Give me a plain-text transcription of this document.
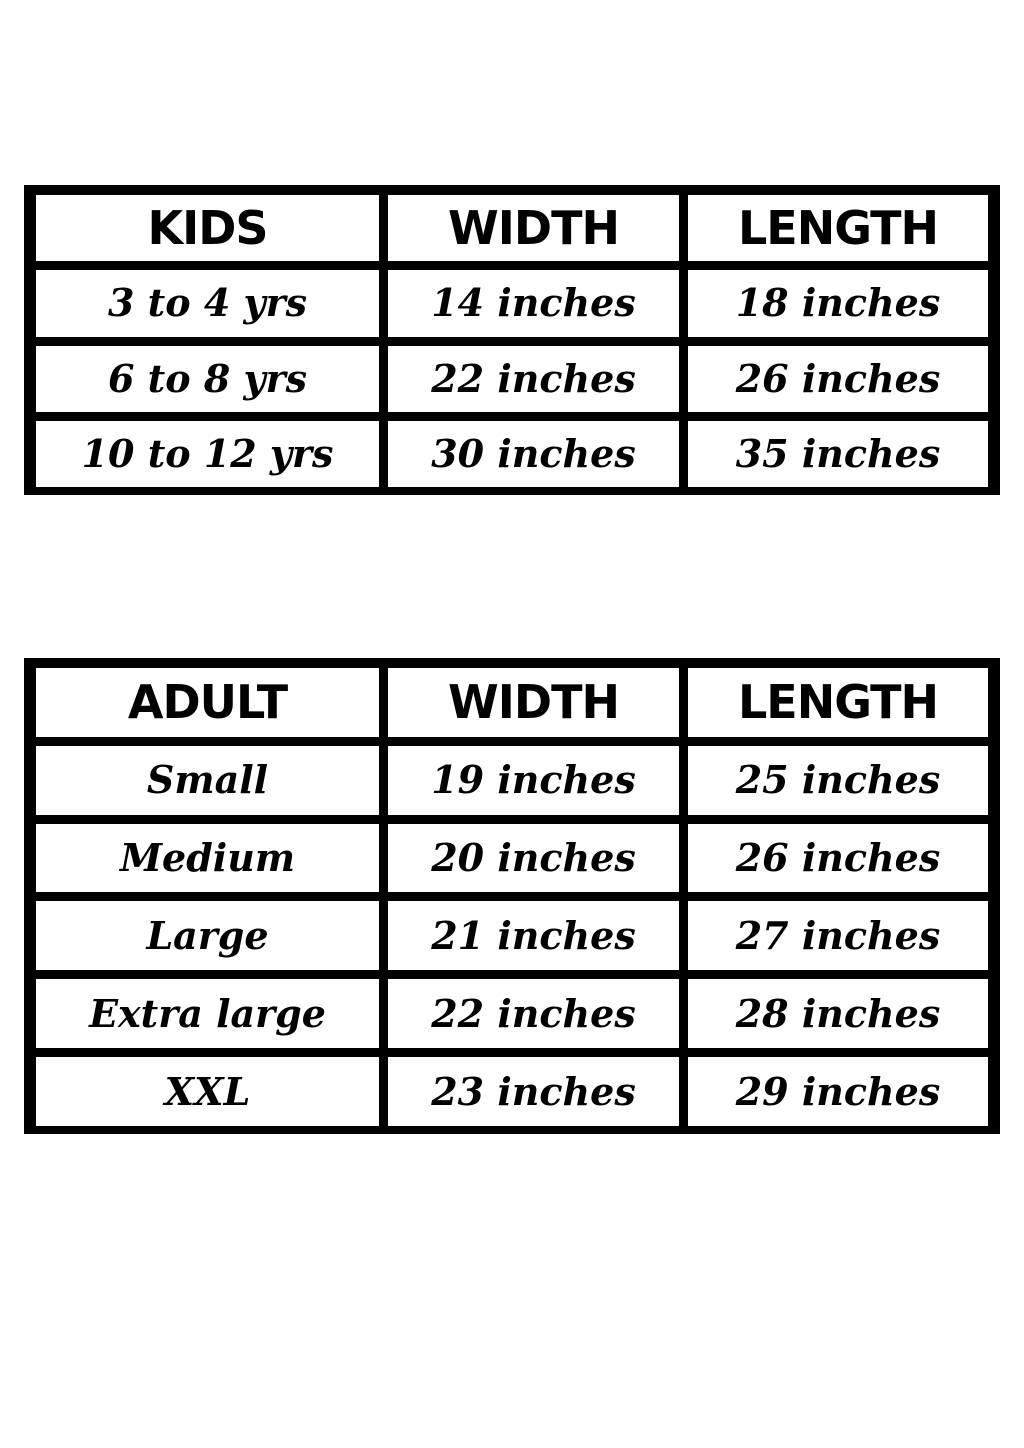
KIDS	WIDTH	LENGTH
3 to 4 yrs	14 inches	18 inches
6 to 8 yrs	22 inches	26 inches
10 to 12 yrs	30 inches	35 inches
ADULT	WIDTH	LENGTH
Small	19 inches	25 inches
Medium	20 inches	26 inches
Large	21 inches	27 inches
Extra large	22 inches	28 inches
XXL	23 inches	29 inches
